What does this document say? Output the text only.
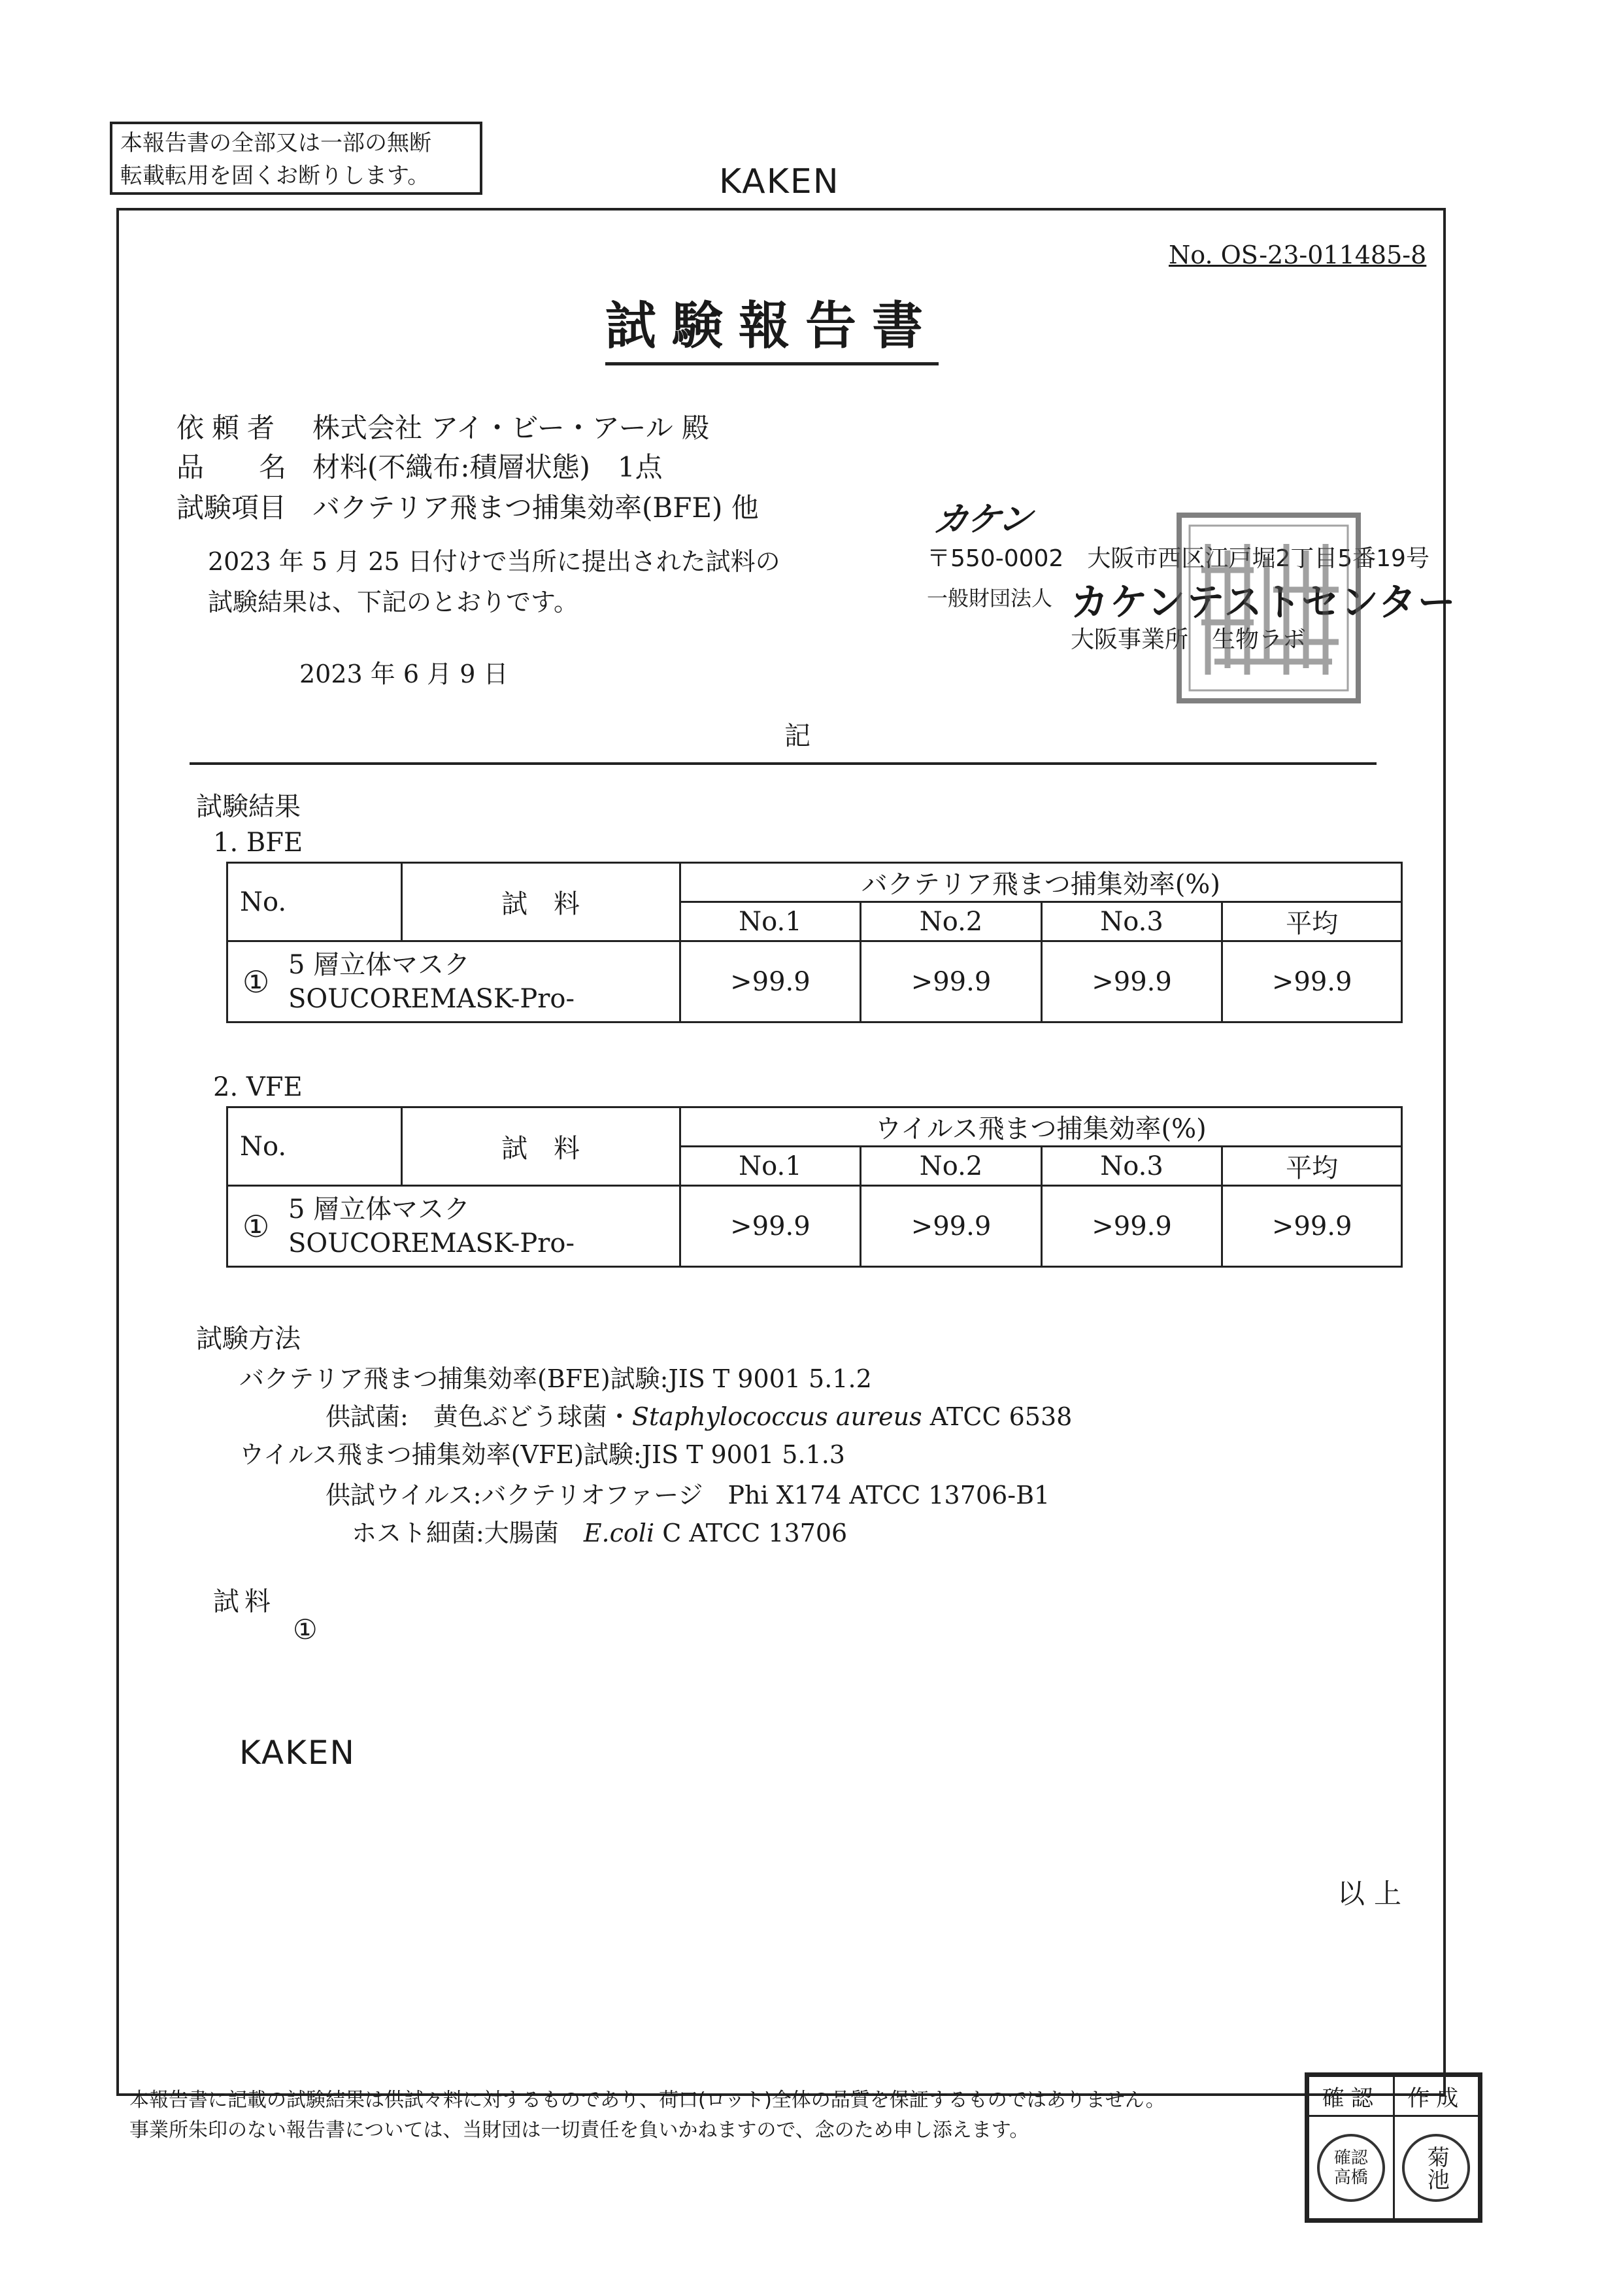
本報告書の全部又は一部の無断
転載転用を固くお断りします。	KAKEN
No. OS-23-011485-8
試験報告書
依頼者 株式会社 アイ・ビー・アール 殿
品　　名 材料(不織布:積層状態)　1点
試験項目 バクテリア飛まつ捕集効率(BFE) 他
2023 年 5 月 25 日付けで当所に提出された試料の
試験結果は、下記のとおりです。
2023 年 6 月 9 日
カケン
〒550-0002　大阪市西区江戸堀2丁目5番19号
一般財団法人 カケンテストセンター
大阪事業所　生物ラボ
記
試験結果
1. BFE
No.	試　料	バクテリア飛まつ捕集効率(%)			
		No.1	No.2	No.3	平均
① 5 層立体マスク
SOUCOREMASK-Pro-		>99.9	>99.9	>99.9	>99.9
2. VFE
No.	試　料	ウイルス飛まつ捕集効率(%)			
		No.1	No.2	No.3	平均
① 5 層立体マスク
SOUCOREMASK-Pro-		>99.9	>99.9	>99.9	>99.9
試験方法
バクテリア飛まつ捕集効率(BFE)試験:JIS T 9001 5.1.2
供試菌:　黄色ぶどう球菌・Staphylococcus aureus ATCC 6538
ウイルス飛まつ捕集効率(VFE)試験:JIS T 9001 5.1.3
供試ウイルス:バクテリオファージ　Phi X174 ATCC 13706-B1
ホスト細菌:大腸菌　E.coli C ATCC 13706
試料
①
KAKEN
以上
本報告書に記載の試験結果は供試々料に対するものであり、荷口(ロット)全体の品質を保証するものではありません。
事業所朱印のない報告書については、当財団は一切責任を負いかねますので、念のため申し添えます。
確認	作成

確認
高橋	菊池
